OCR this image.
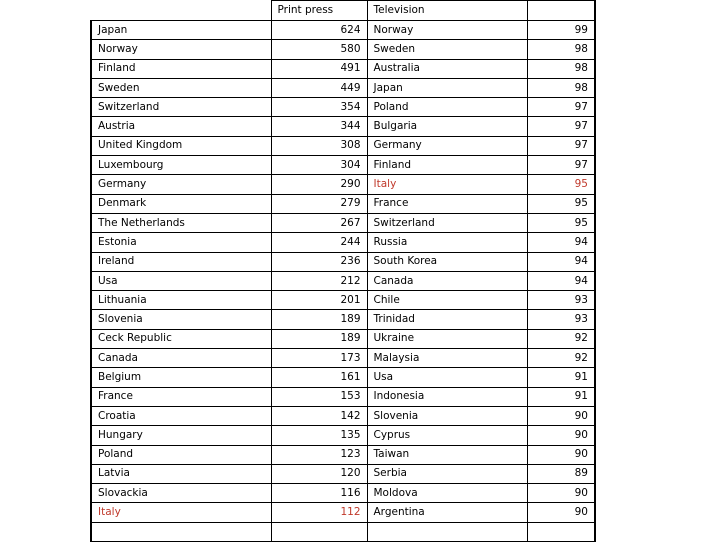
	Print press	Television	
Japan	624	Norway	99
Norway	580	Sweden	98
Finland	491	Australia	98
Sweden	449	Japan	98
Switzerland	354	Poland	97
Austria	344	Bulgaria	97
United Kingdom	308	Germany	97
Luxembourg	304	Finland	97
Germany	290	Italy	95
Denmark	279	France	95
The Netherlands	267	Switzerland	95
Estonia	244	Russia	94
Ireland	236	South Korea	94
Usa	212	Canada	94
Lithuania	201	Chile	93
Slovenia	189	Trinidad	93
Ceck Republic	189	Ukraine	92
Canada	173	Malaysia	92
Belgium	161	Usa	91
France	153	Indonesia	91
Croatia	142	Slovenia	90
Hungary	135	Cyprus	90
Poland	123	Taiwan	90
Latvia	120	Serbia	89
Slovackia	116	Moldova	90
Italy	112	Argentina	90
